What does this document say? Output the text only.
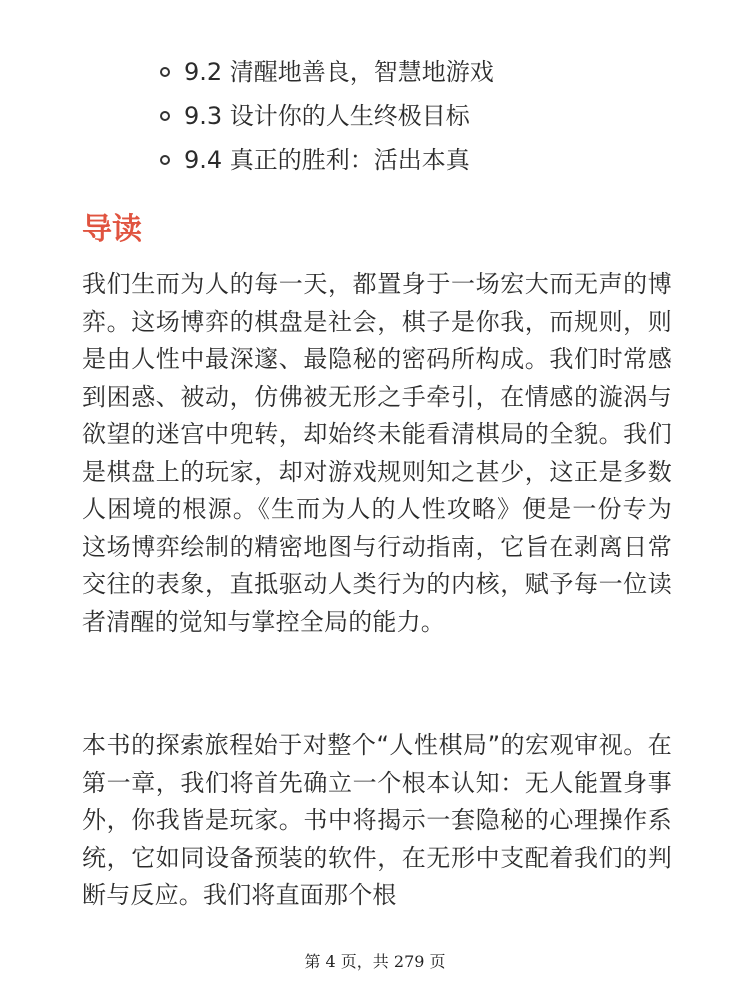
9.2 清醒地善良，智慧地游戏
9.3 设计你的人生终极目标
9.4 真正的胜利：活出本真
导读

我们生而为人的每一天，都置身于一场宏大而无声的博弈。这场博弈的棋盘是社会，棋子是你我，而规则，则是由人性中最深邃、最隐秘的密码所构成。我们时常感到困惑、被动，仿佛被无形之手牵引，在情感的漩涡与欲望的迷宫中兜转，却始终未能看清棋局的全貌。我们是棋盘上的玩家，却对游戏规则知之甚少，这正是多数人困境的根源。《生而为人的人性攻略》便是一份专为这场博弈绘制的精密地图与行动指南，它旨在剥离日常交往的表象，直抵驱动人类行为的内核，赋予每一位读者清醒的觉知与掌控全局的能力。

本书的探索旅程始于对整个“人性棋局”的宏观审视。在第一章，我们将首先确立一个根本认知：无人能置身事外，你我皆是玩家。书中将揭示一套隐秘的心理操作系统，它如同设备预装的软件，在无形中支配着我们的判断与反应。我们将直面那个根

第 4 页，共 279 页
